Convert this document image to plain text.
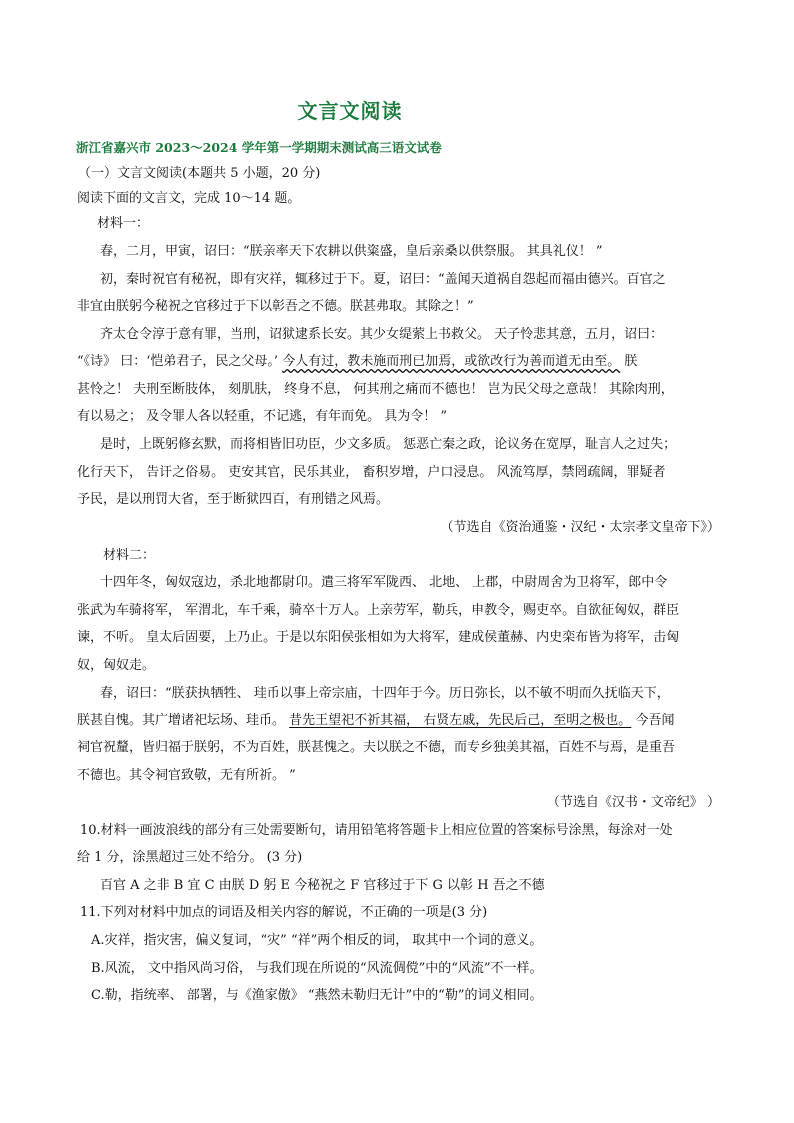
文言文阅读
浙江省嘉兴市 2023～2024 学年第一学期期末测试高三语文试卷
（一）文言文阅读(本题共 5 小题，20 分)
阅读下面的文言文，完成 10～14 题。
材料一：
春，二月，甲寅，诏曰：“朕亲率天下农耕以供粢盛，皇后亲桑以供祭服。 其具礼仪！ ”
初，秦时祝官有秘祝，即有灾祥，辄移过于下。夏，诏曰：“盖闻天道祸自怨起而福由德兴。百官之
非宜由朕躬今秘祝之官移过于下以彰吾之不德。朕甚弗取。其除之！”
齐太仓令淳于意有罪，当刑，诏狱逮系长安。其少女缇萦上书救父。 天子怜悲其意，五月，诏曰：
“《诗》 曰：‘恺弟君子，民之父母。’ 今人有过，教未施而刑已加焉，或欲改行为善而道无由至。 朕
甚怜之！ 夫刑至断肢体， 刻肌肤， 终身不息， 何其刑之痛而不德也！ 岂为民父母之意哉！ 其除肉刑，
有以易之； 及令罪人各以轻重，不记逃，有年而免。 具为令！ ”
是时，上既躬修玄默，而将相皆旧功臣，少文多质。 惩恶亡秦之政，论议务在宽厚，耻言人之过失；
化行天下， 告讦之俗易。 吏安其官，民乐其业， 畜积岁增，户口浸息。 风流笃厚，禁罔疏阔，罪疑者
予民，是以刑罚大省，至于断狱四百，有刑错之风焉。
（节选自《资治通鉴・汉纪・太宗孝文皇帝下》）
材料二：
十四年冬，匈奴寇边，杀北地都尉卬。遣三将军军陇西、 北地、 上郡，中尉周舍为卫将军，郎中令
张武为车骑将军， 军渭北，车千乘，骑卒十万人。上亲劳军，勒兵，申教令，赐吏卒。自欲征匈奴，群臣
谏，不听。 皇太后固要，上乃止。于是以东阳侯张相如为大将军，建成侯董赫、内史栾布皆为将军，击匈
奴，匈奴走。
春，诏曰：“朕获执牺牲、 珪币以事上帝宗庙，十四年于今。历日弥长，以不敏不明而久抚临天下，
朕甚自愧。其广增诸祀坛场、珪币。 昔先王望祀不祈其福， 右贤左戚，先民后己，至明之极也。 今吾闻
祠官祝釐，皆归福于朕躬，不为百姓，朕甚愧之。夫以朕之不德，而专乡独美其福，百姓不与焉，是重吾
不德也。其令祠官致敬，无有所祈。 ”
（节选自《汉书・文帝纪》 ）
10.材料一画波浪线的部分有三处需要断句，请用铅笔将答题卡上相应位置的答案标号涂黑，每涂对一处
给 1 分，涂黑超过三处不给分。 (3 分)
百官 A 之非 B 宜 C 由朕 D 躬 E 今秘祝之 F 官移过于下 G 以彰 H 吾之不德
11.下列对材料中加点的词语及相关内容的解说，不正确的一项是(3 分)
A.灾祥，指灾害，偏义复词，“灾” “祥”两个相反的词， 取其中一个词的意义。
B.风流， 文中指风尚习俗， 与我们现在所说的“风流倜傥”中的“风流”不一样。
C.勒，指统率、 部署，与《渔家傲》 “燕然未勒归无计”中的“勒”的词义相同。
